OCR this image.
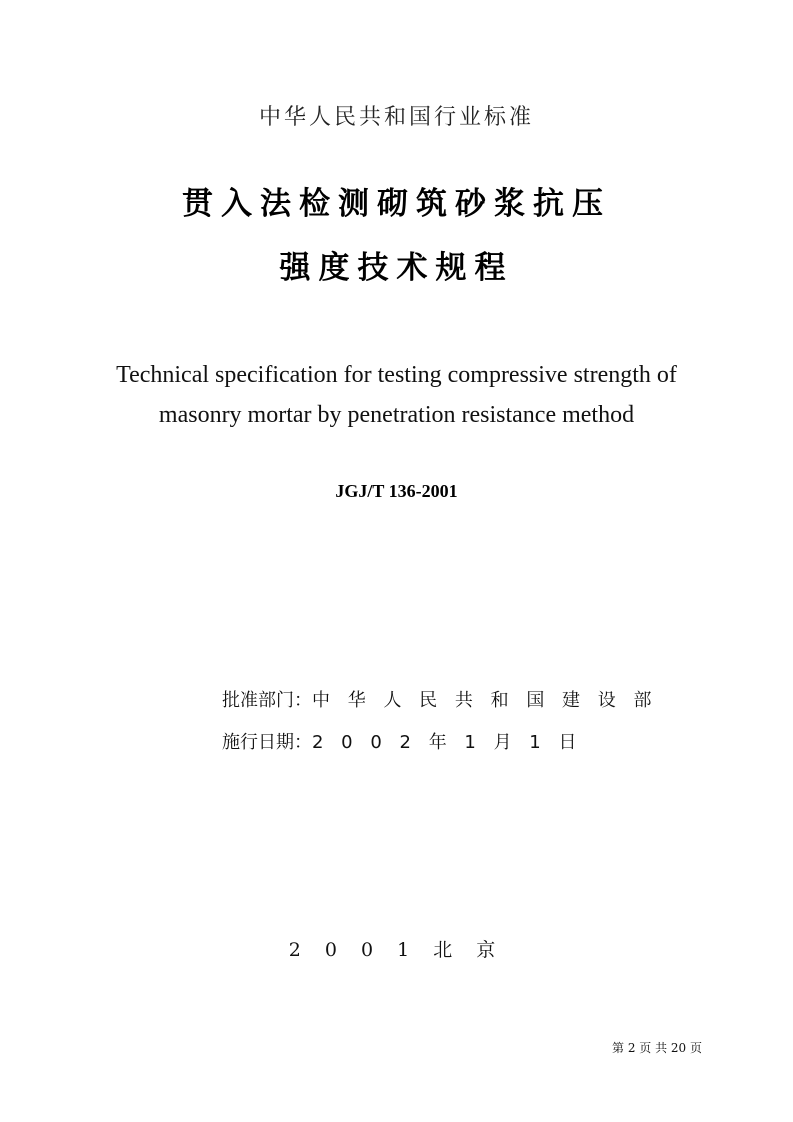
中华人民共和国行业标准
贯入法检测砌筑砂浆抗压
强度技术规程
Technical specification for testing compressive strength of
masonry mortar by penetration resistance method
JGJ/T 136-2001
批准部门：中 华 人 民 共 和 国 建 设 部
施行日期：2 0 0 2 年 1 月 1 日
2 0 0 1 北 京
第 2 页 共 20 页
